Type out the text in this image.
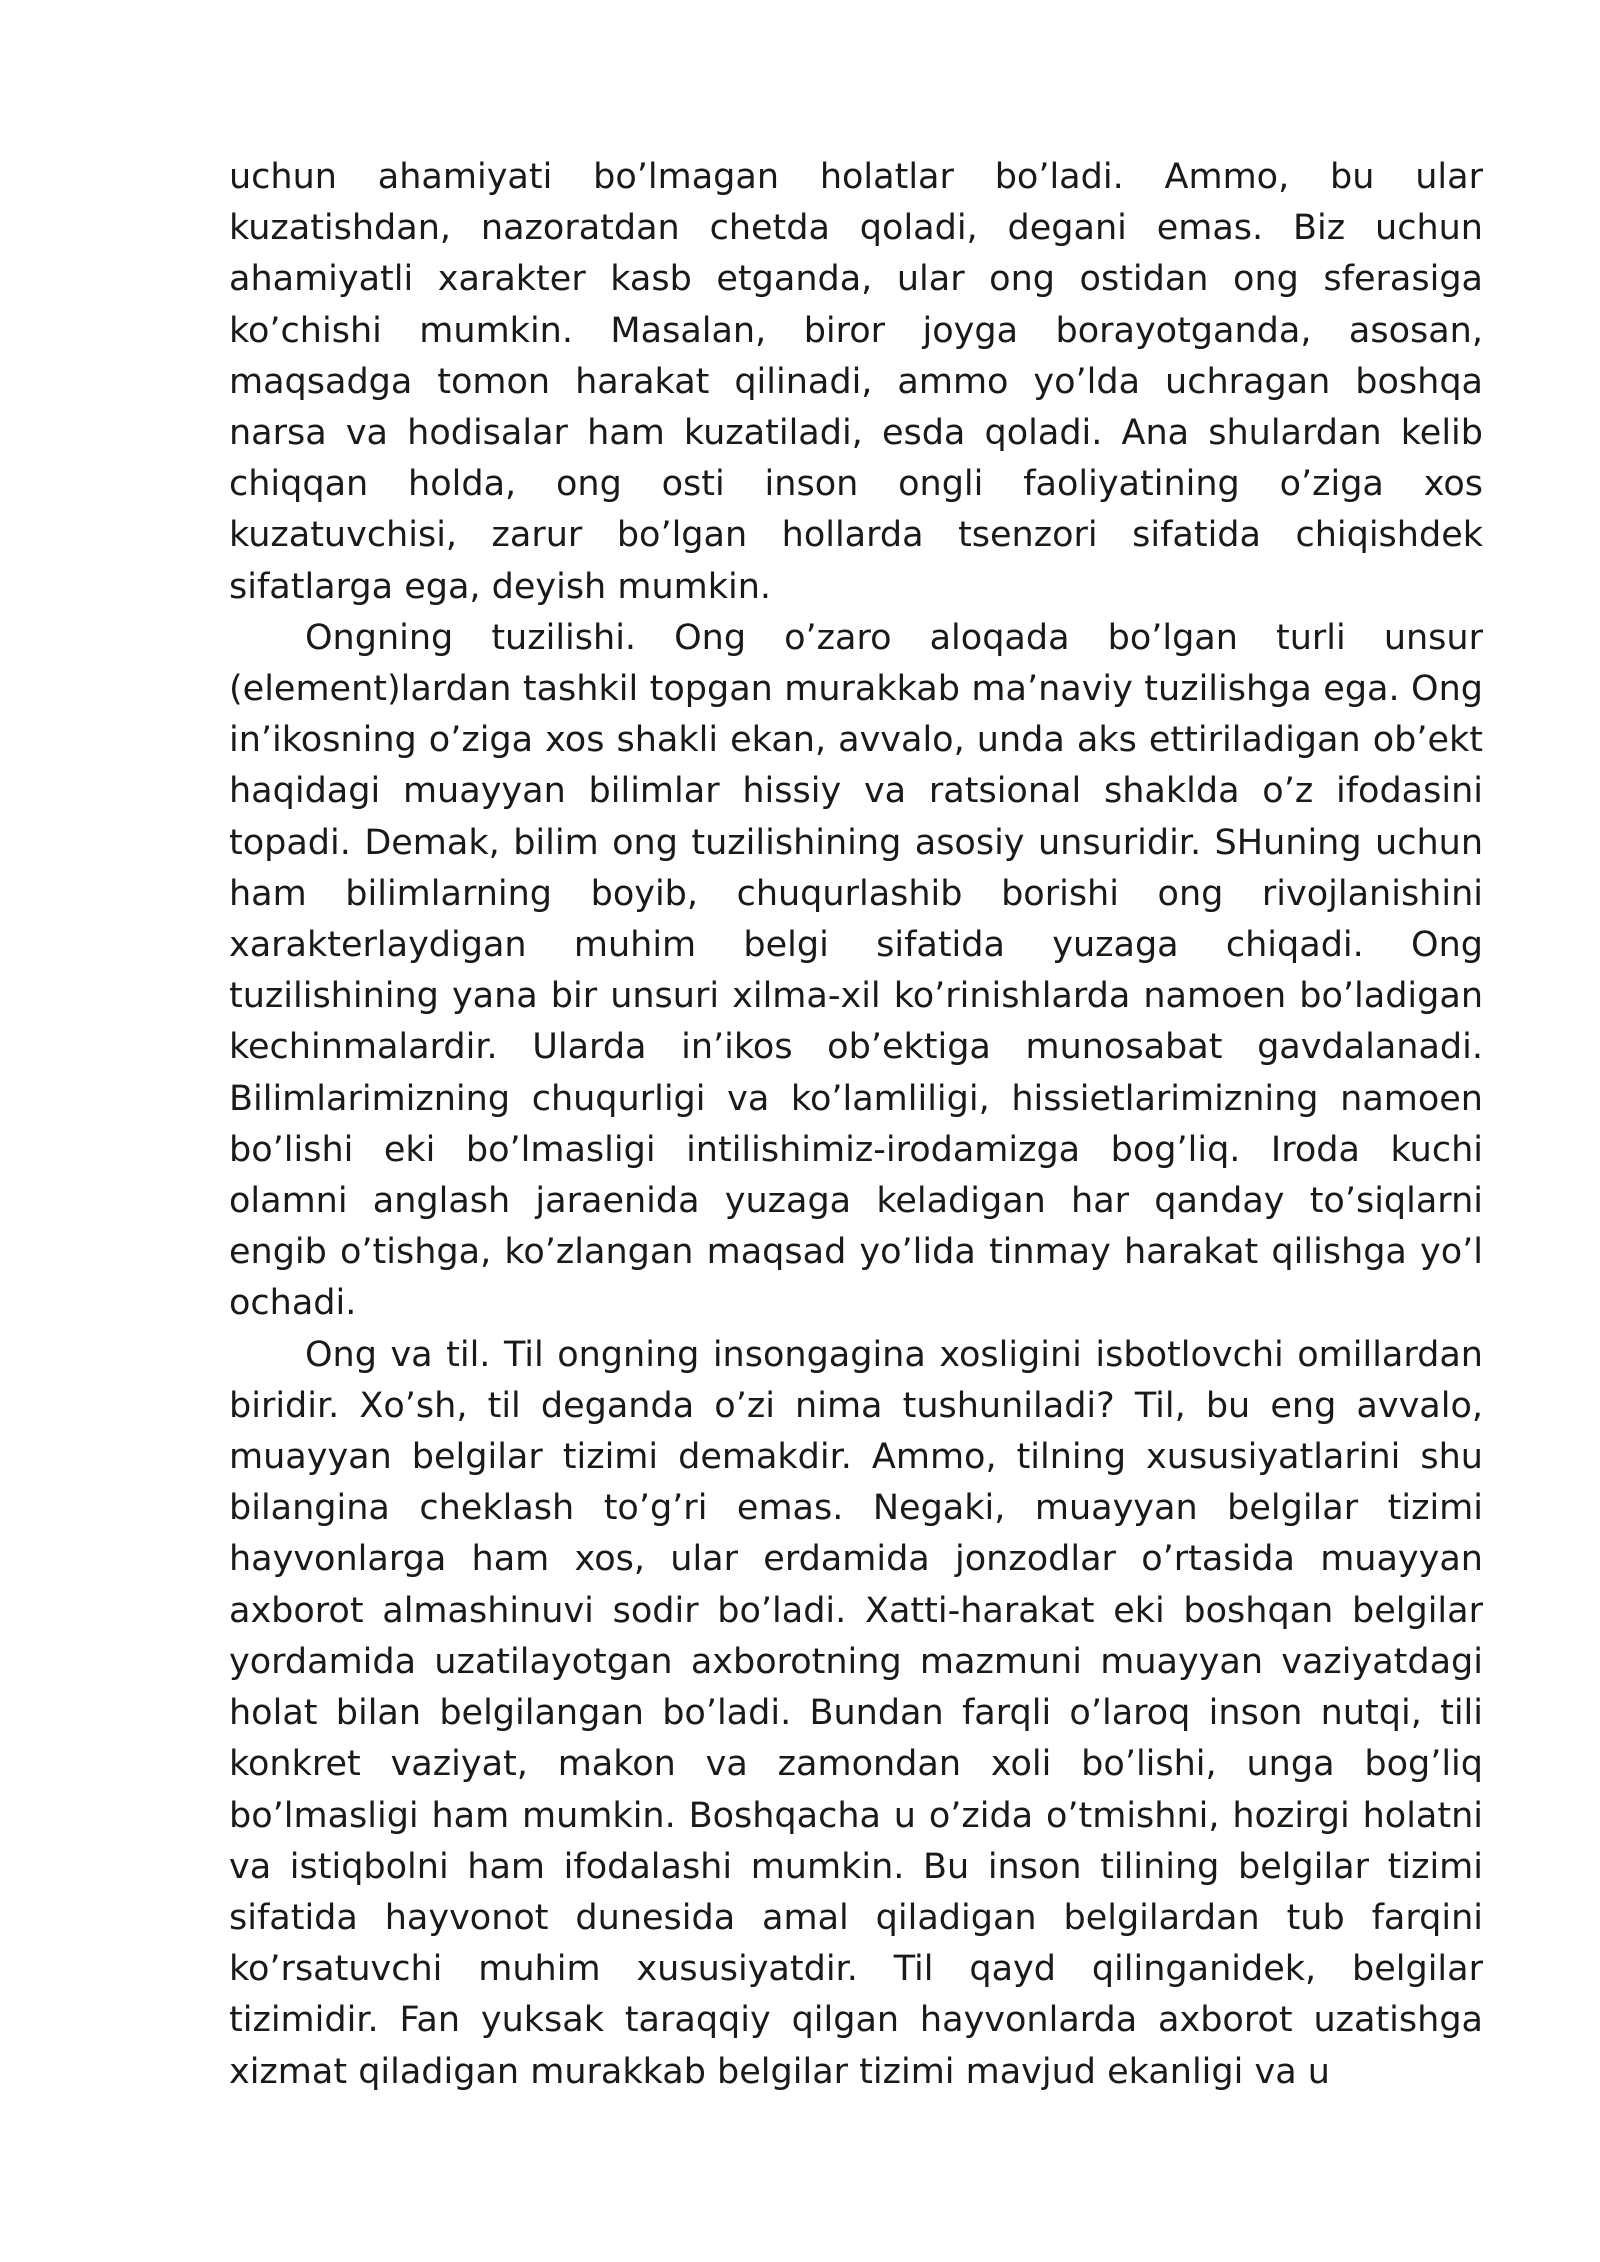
uchun ahamiyati bo’lmagan holatlar bo’ladi. Ammo, bu ular kuzatishdan, nazoratdan chetda qoladi, degani emas. Biz uchun ahamiyatli xarakter kasb etganda, ular ong ostidan ong sferasiga ko’chishi mumkin. Masalan, biror joyga borayotganda, asosan, maqsadga tomon harakat qilinadi, ammo yo’lda uchragan boshqa narsa va hodisalar ham kuzatiladi, esda qoladi. Ana shulardan kelib chiqqan holda, ong osti inson ongli faoliyatining o’ziga xos kuzatuvchisi, zarur bo’lgan hollarda tsenzori sifatida chiqishdek sifatlarga ega, deyish mumkin.

Ongning tuzilishi. Ong o’zaro aloqada bo’lgan turli unsur (element)lardan tashkil topgan murakkab ma’naviy tuzilishga ega. Ong in’ikosning o’ziga xos shakli ekan, avvalo, unda aks ettiriladigan ob’ekt haqidagi muayyan bilimlar hissiy va ratsional shaklda o’z ifodasini topadi. Demak, bilim ong tuzilishining asosiy unsuridir. SHuning uchun ham bilimlarning boyib, chuqurlashib borishi ong rivojlanishini xarakterlaydigan muhim belgi sifatida yuzaga chiqadi. Ong tuzilishining yana bir unsuri xilma-xil ko’rinishlarda namoen bo’ladigan kechinmalardir. Ularda in’ikos ob’ektiga munosabat gavdalanadi. Bilimlarimizning chuqurligi va ko’lamliligi, hissietlarimizning namoen bo’lishi eki bo’lmasligi intilishimiz-irodamizga bog’liq. Iroda kuchi olamni anglash jaraenida yuzaga keladigan har qanday to’siqlarni engib o’tishga, ko’zlangan maqsad yo’lida tinmay harakat qilishga yo’l ochadi.

Ong va til. Til ongning insongagina xosligini isbotlovchi omillardan biridir. Xo’sh, til deganda o’zi nima tushuniladi? Til, bu eng avvalo, muayyan belgilar tizimi demakdir. Ammo, tilning xususiyatlarini shu bilangina cheklash to’g’ri emas. Negaki, muayyan belgilar tizimi hayvonlarga ham xos, ular erdamida jonzodlar o’rtasida muayyan axborot almashinuvi sodir bo’ladi. Xatti-harakat eki boshqan belgilar yordamida uzatilayotgan axborotning mazmuni muayyan vaziyatdagi holat bilan belgilangan bo’ladi. Bundan farqli o’laroq inson nutqi, tili konkret vaziyat, makon va zamondan xoli bo’lishi, unga bog’liq bo’lmasligi ham mumkin. Boshqacha u o’zida o’tmishni, hozirgi holatni va istiqbolni ham ifodalashi mumkin. Bu inson tilining belgilar tizimi sifatida hayvonot dunesida amal qiladigan belgilardan tub farqini ko’rsatuvchi muhim xususiyatdir. Til qayd qilinganidek, belgilar tizimidir. Fan yuksak taraqqiy qilgan hayvonlarda axborot uzatishga xizmat qiladigan murakkab belgilar tizimi mavjud ekanligi va u
